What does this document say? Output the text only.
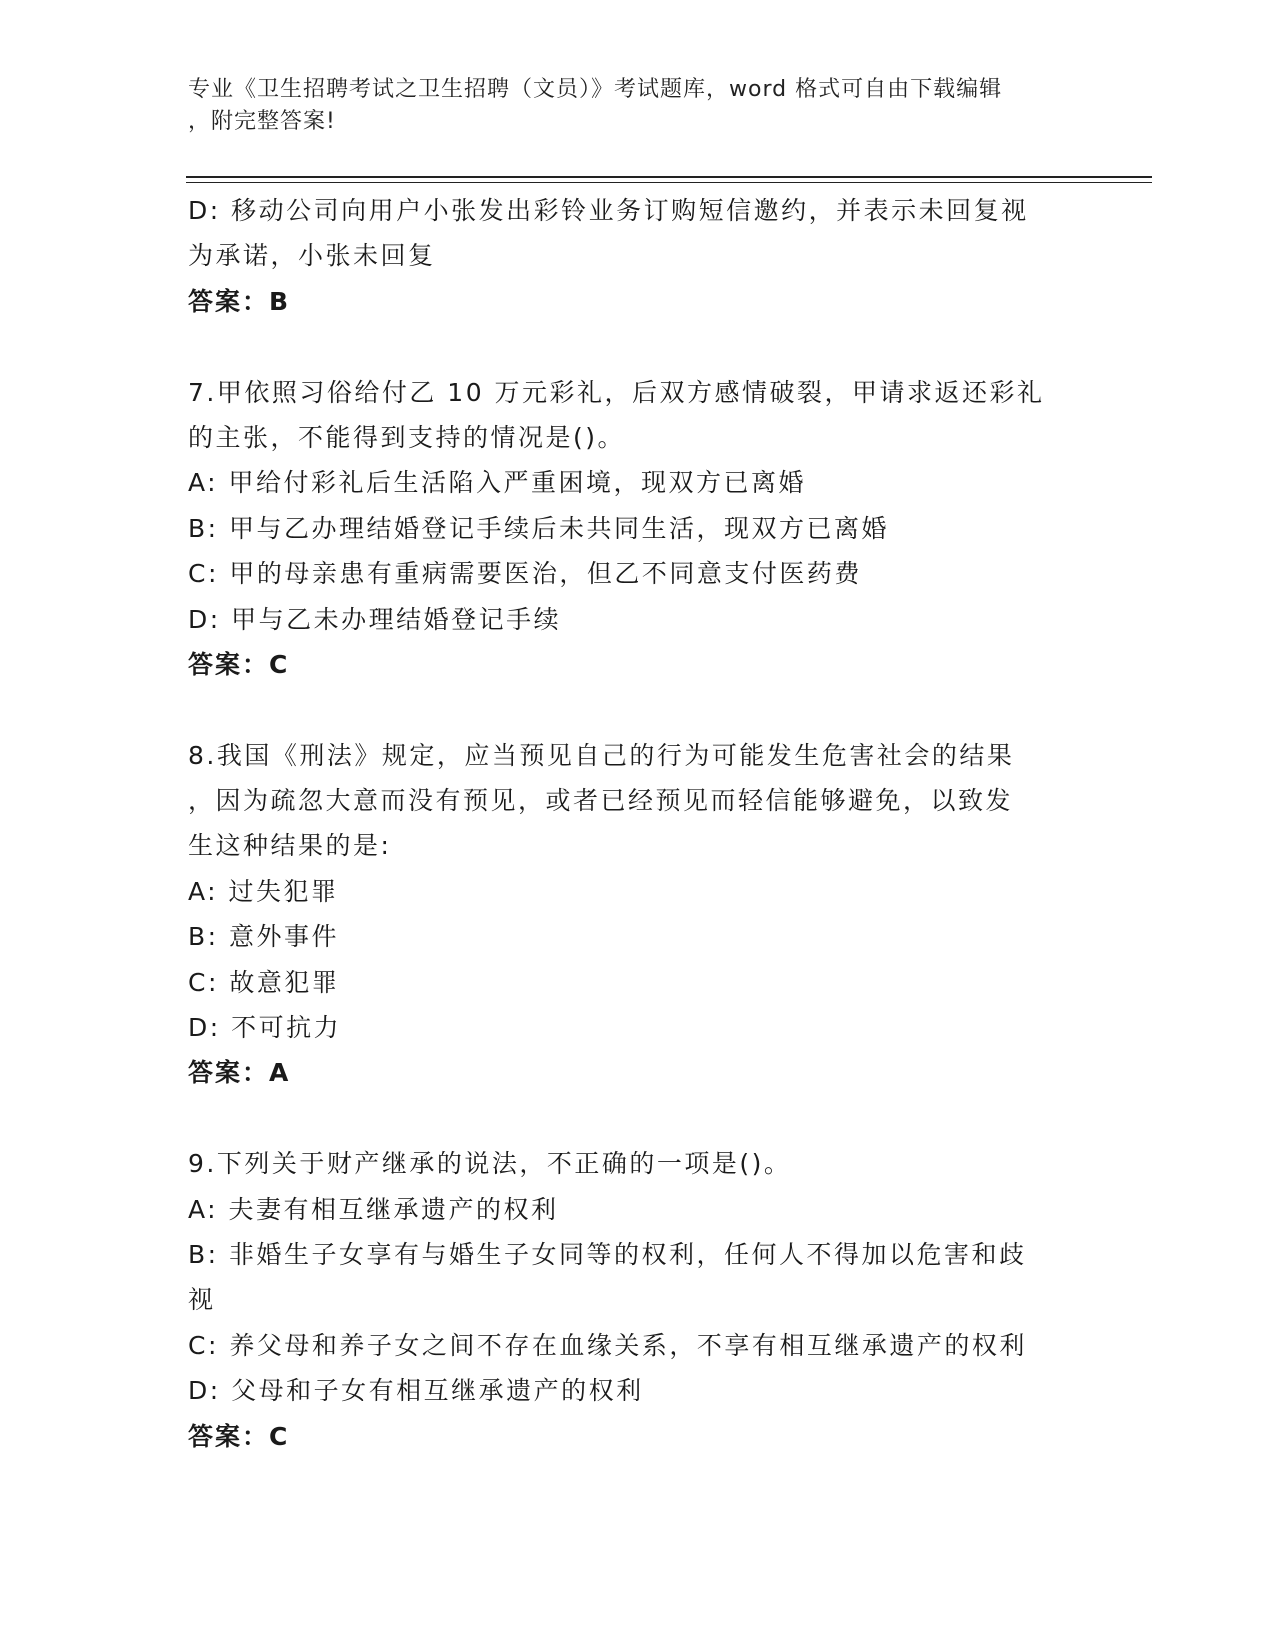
专业《卫生招聘考试之卫生招聘（文员）》考试题库，word 格式可自由下载编辑
，附完整答案!
D: 移动公司向用户小张发出彩铃业务订购短信邀约，并表示未回复视
为承诺，小张未回复
答案：B
7.甲依照习俗给付乙 10 万元彩礼，后双方感情破裂，甲请求返还彩礼
的主张，不能得到支持的情况是()。
A: 甲给付彩礼后生活陷入严重困境，现双方已离婚
B: 甲与乙办理结婚登记手续后未共同生活，现双方已离婚
C: 甲的母亲患有重病需要医治，但乙不同意支付医药费
D: 甲与乙未办理结婚登记手续
答案：C
8.我国《刑法》规定，应当预见自己的行为可能发生危害社会的结果
，因为疏忽大意而没有预见，或者已经预见而轻信能够避免，以致发
生这种结果的是:
A: 过失犯罪
B: 意外事件
C: 故意犯罪
D: 不可抗力
答案：A
9.下列关于财产继承的说法，不正确的一项是()。
A: 夫妻有相互继承遗产的权利
B: 非婚生子女享有与婚生子女同等的权利，任何人不得加以危害和歧
视
C: 养父母和养子女之间不存在血缘关系，不享有相互继承遗产的权利
D: 父母和子女有相互继承遗产的权利
答案：C
